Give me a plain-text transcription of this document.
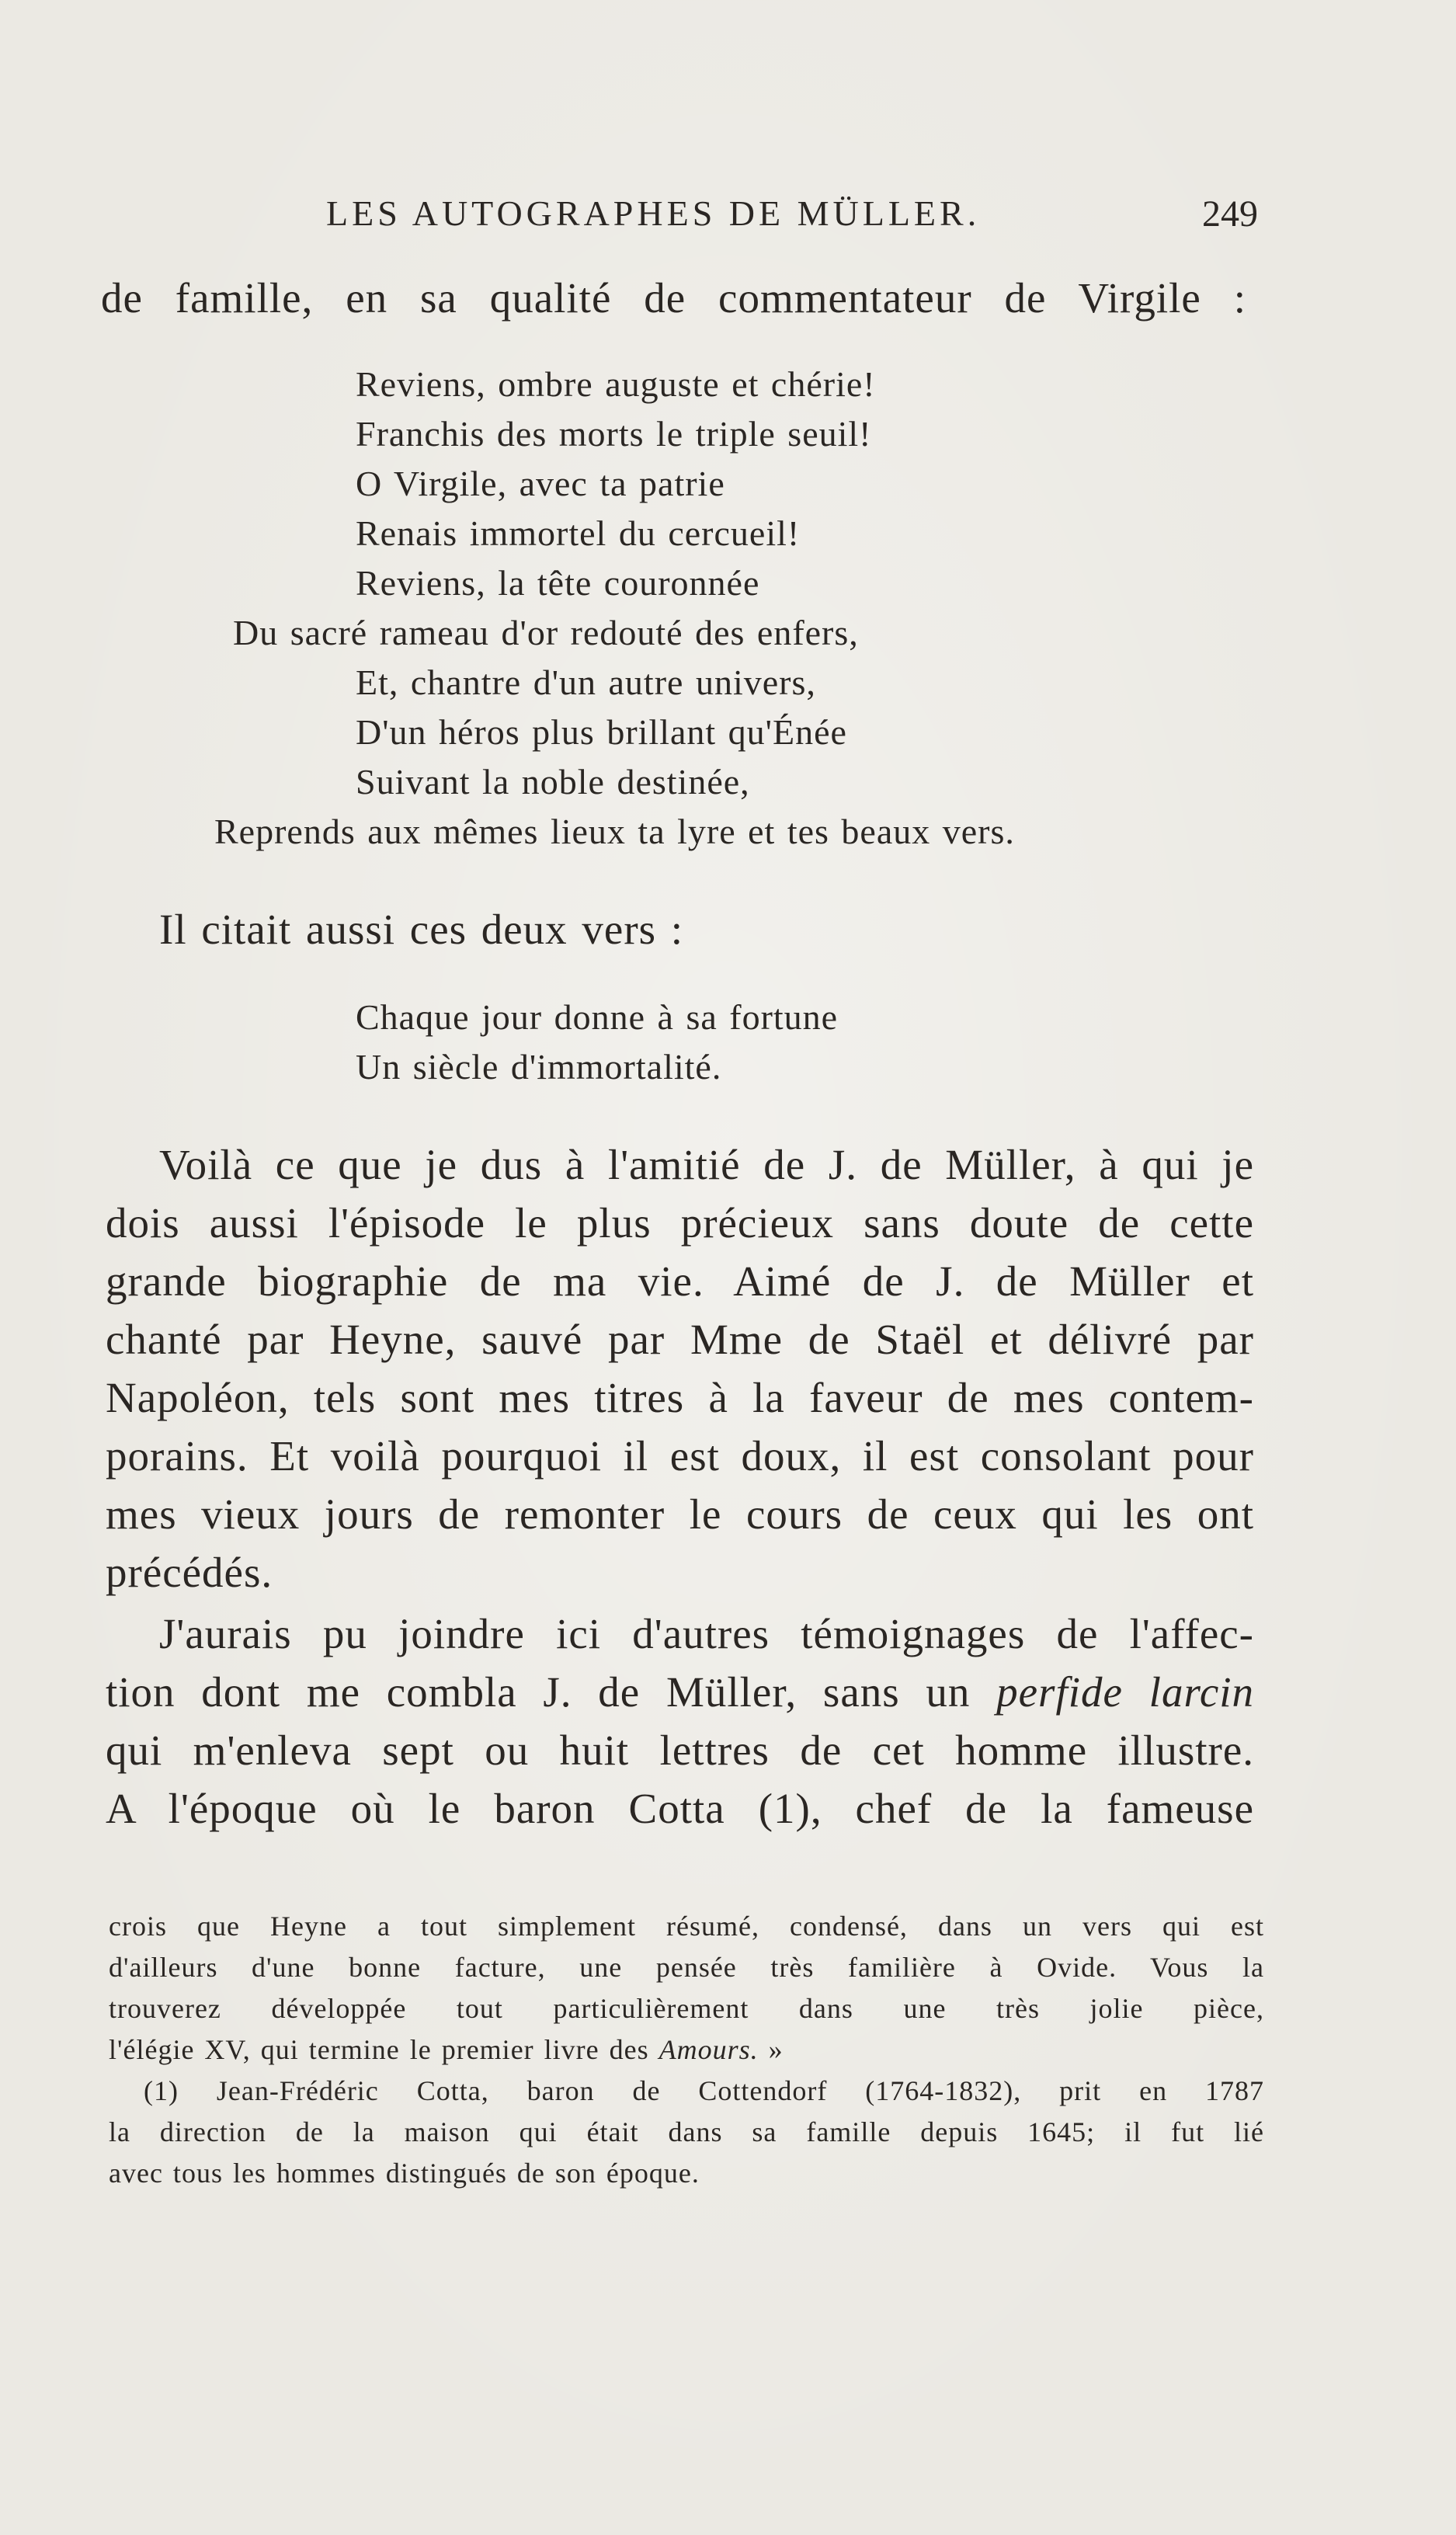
LES AUTOGRAPHES DE MÜLLER.	249
de famille, en sa qualité de commentateur de Virgile :
Reviens, ombre auguste et chérie!
Franchis des morts le triple seuil!
O Virgile, avec ta patrie
Renais immortel du cercueil!
Reviens, la tête couronnée
Du sacré rameau d'or redouté des enfers,
Et, chantre d'un autre univers,
D'un héros plus brillant qu'Énée
Suivant la noble destinée,
Reprends aux mêmes lieux ta lyre et tes beaux vers.
Il citait aussi ces deux vers :
Chaque jour donne à sa fortune
Un siècle d'immortalité.
Voilà ce que je dus à l'amitié de J. de Müller, à qui je
dois aussi l'épisode le plus précieux sans doute de cette
grande biographie de ma vie. Aimé de J. de Müller et
chanté par Heyne, sauvé par Mme de Staël et délivré par
Napoléon, tels sont mes titres à la faveur de mes contem-
porains. Et voilà pourquoi il est doux, il est consolant pour
mes vieux jours de remonter le cours de ceux qui les ont
précédés.
J'aurais pu joindre ici d'autres témoignages de l'affec-
tion dont me combla J. de Müller, sans un perfide larcin
qui m'enleva sept ou huit lettres de cet homme illustre.
A l'époque où le baron Cotta (1), chef de la fameuse
crois que Heyne a tout simplement résumé, condensé, dans un vers qui est
d'ailleurs d'une bonne facture, une pensée très familière à Ovide. Vous la
trouverez développée tout particulièrement dans une très jolie pièce,
l'élégie XV, qui termine le premier livre des Amours. »
(1) Jean-Frédéric Cotta, baron de Cottendorf (1764-1832), prit en 1787
la direction de la maison qui était dans sa famille depuis 1645; il fut lié
avec tous les hommes distingués de son époque.
